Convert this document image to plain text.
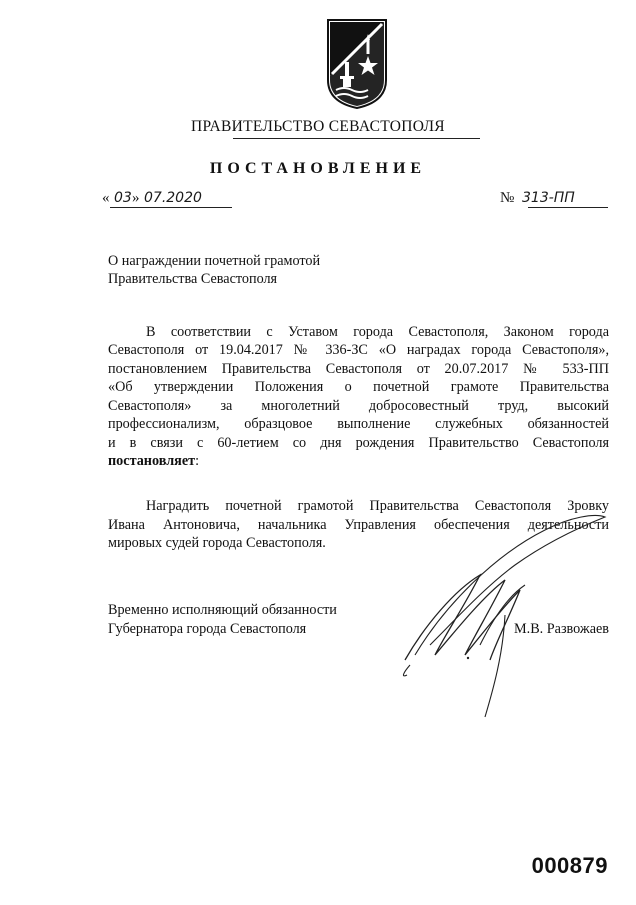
ПРАВИТЕЛЬСТВО СЕВАСТОПОЛЯ
ПОСТАНОВЛЕНИЕ
« 03 » 07.2020	№ 313-ПП
О награждении почетной грамотой
Правительства Севастополя
В соответствии с Уставом города Севастополя, Законом города
Севастополя от 19.04.2017 № 336-ЗС «О наградах города Севастополя»,
постановлением Правительства Севастополя от 20.07.2017 № 533-ПП
«Об утверждении Положения о почетной грамоте Правительства
Севастополя» за многолетний добросовестный труд, высокий
профессионализм, образцовое выполнение служебных обязанностей
и в связи с 60-летием со дня рождения Правительство Севастополя
постановляет:
Наградить почетной грамотой Правительства Севастополя Зровку
Ивана Антоновича, начальника Управления обеспечения деятельности
мировых судей города Севастополя.
Временно исполняющий обязанности
Губернатора города Севастополя	М.В. Развожаев
000879
